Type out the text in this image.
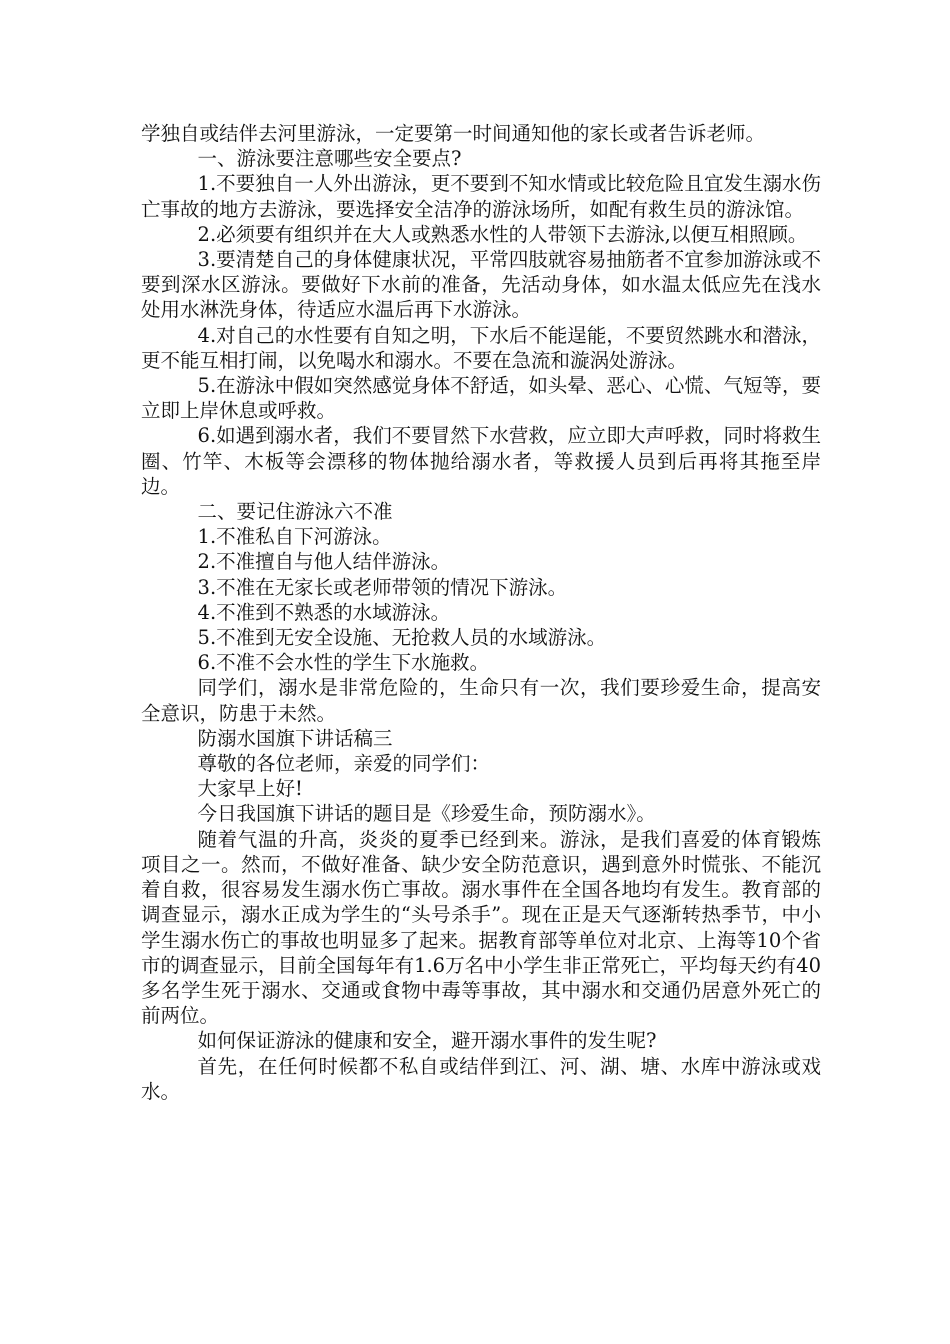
学独自或结伴去河里游泳，一定要第一时间通知他的家长或者告诉老师。

一、游泳要注意哪些安全要点?

1.不要独自一人外出游泳，更不要到不知水情或比较危险且宜发生溺水伤亡事故的地方去游泳，要选择安全洁净的游泳场所，如配有救生员的游泳馆。

2.必须要有组织并在大人或熟悉水性的人带领下去游泳,以便互相照顾。

3.要清楚自己的身体健康状况，平常四肢就容易抽筋者不宜参加游泳或不要到深水区游泳。要做好下水前的准备，先活动身体，如水温太低应先在浅水处用水淋洗身体，待适应水温后再下水游泳。

4.对自己的水性要有自知之明，下水后不能逞能，不要贸然跳水和潜泳，更不能互相打闹，以免喝水和溺水。不要在急流和漩涡处游泳。

5.在游泳中假如突然感觉身体不舒适，如头晕、恶心、心慌、气短等，要立即上岸休息或呼救。

6.如遇到溺水者，我们不要冒然下水营救，应立即大声呼救，同时将救生圈、竹竿、木板等会漂移的物体抛给溺水者，等救援人员到后再将其拖至岸边。

二、要记住游泳六不准

1.不准私自下河游泳。

2.不准擅自与他人结伴游泳。

3.不准在无家长或老师带领的情况下游泳。

4.不准到不熟悉的水域游泳。

5.不准到无安全设施、无抢救人员的水域游泳。

6.不准不会水性的学生下水施救。

同学们，溺水是非常危险的，生命只有一次，我们要珍爱生命，提高安全意识，防患于未然。

防溺水国旗下讲话稿三

尊敬的各位老师，亲爱的同学们：

大家早上好!

今日我国旗下讲话的题目是《珍爱生命，预防溺水》。

随着气温的升高，炎炎的夏季已经到来。游泳，是我们喜爱的体育锻炼项目之一。然而，不做好准备、缺少安全防范意识，遇到意外时慌张、不能沉着自救，很容易发生溺水伤亡事故。溺水事件在全国各地均有发生。教育部的调查显示，溺水正成为学生的“头号杀手”。现在正是天气逐渐转热季节，中小学生溺水伤亡的事故也明显多了起来。据教育部等单位对北京、上海等10个省市的调查显示，目前全国每年有1.6万名中小学生非正常死亡，平均每天约有40多名学生死于溺水、交通或食物中毒等事故，其中溺水和交通仍居意外死亡的前两位。

如何保证游泳的健康和安全，避开溺水事件的发生呢?

首先，在任何时候都不私自或结伴到江、河、湖、塘、水库中游泳或戏水。
